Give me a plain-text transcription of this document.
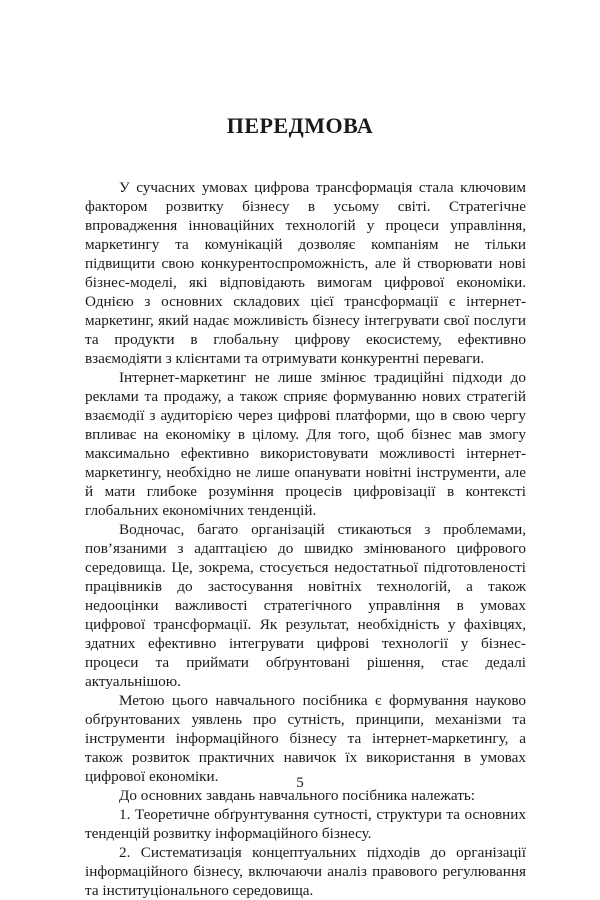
ПЕРЕДМОВА

У сучасних умовах цифрова трансформація стала ключовим фактором розвитку бізнесу в усьому світі. Стратегічне впровадження інноваційних технологій у процеси управління, маркетингу та комунікацій дозволяє компаніям не тільки підвищити свою конкурентоспроможність, але й створювати нові бізнес-моделі, які відповідають вимогам цифрової економіки. Однією з основних складових цієї трансформації є інтернет-маркетинг, який надає можливість бізнесу інтегрувати свої послуги та продукти в глобальну цифрову екосистему, ефективно взаємодіяти з клієнтами та отримувати конкурентні переваги.

Інтернет-маркетинг не лише змінює традиційні підходи до реклами та продажу, а також сприяє формуванню нових стратегій взаємодії з аудиторією через цифрові платформи, що в свою чергу впливає на економіку в цілому. Для того, щоб бізнес мав змогу максимально ефективно використовувати можливості інтернет-маркетингу, необхідно не лише опанувати новітні інструменти, але й мати глибоке розуміння процесів цифровізації в контексті глобальних економічних тенденцій.

Водночас, багато організацій стикаються з проблемами, пов’язаними з адаптацією до швидко змінюваного цифрового середовища. Це, зокрема, стосується недостатньої підготовленості працівників до застосування новітніх технологій, а також недооцінки важливості стратегічного управління в умовах цифрової трансформації. Як результат, необхідність у фахівцях, здатних ефективно інтегрувати цифрові технології у бізнес-процеси та приймати обґрунтовані рішення, стає дедалі актуальнішою.

Метою цього навчального посібника є формування науково обґрунтованих уявлень про сутність, принципи, механізми та інструменти інформаційного бізнесу та інтернет-маркетингу, а також розвиток практичних навичок їх використання в умовах цифрової економіки.

До основних завдань навчального посібника належать:

1. Теоретичне обґрунтування сутності, структури та основних тенденцій розвитку інформаційного бізнесу.

2. Систематизація концептуальних підходів до організації інформаційного бізнесу, включаючи аналіз правового регулювання та інституціонального середовища.

5
